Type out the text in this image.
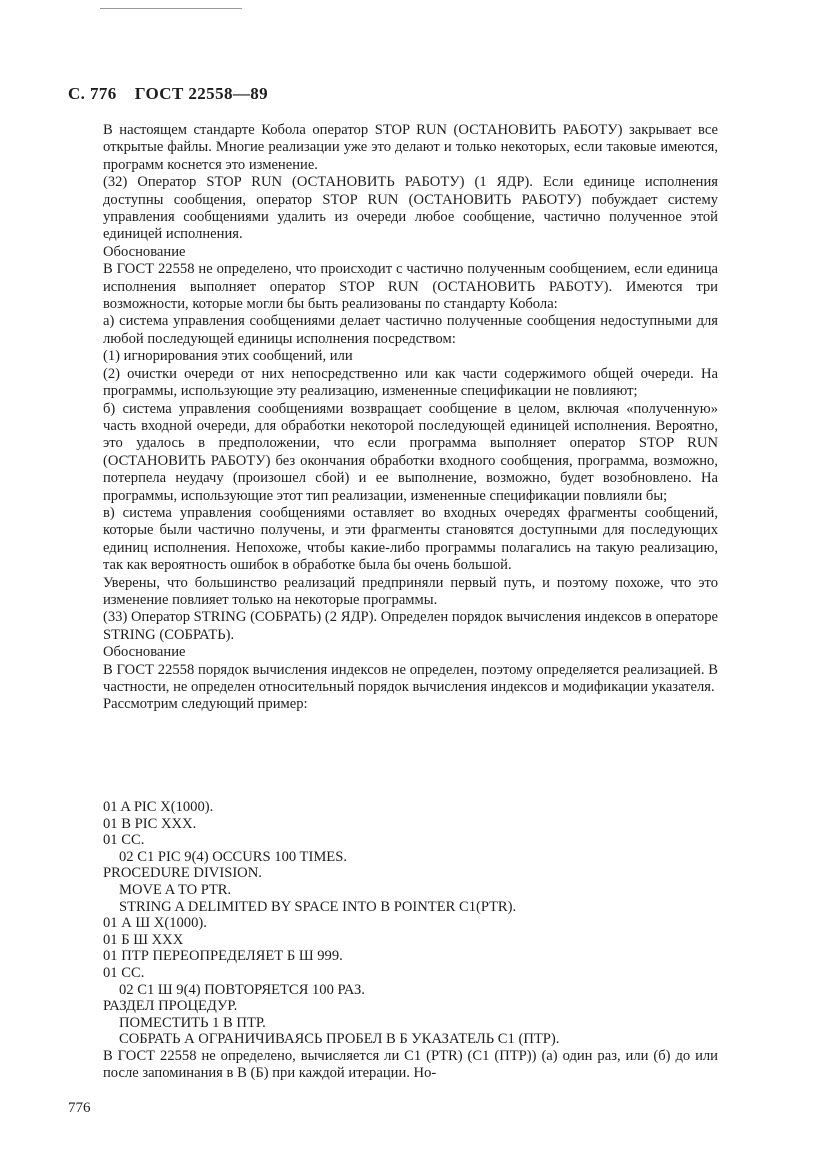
С. 776 ГОСТ 22558—89

В настоящем стандарте Кобола оператор STOP RUN (ОСТАНОВИТЬ РАБОТУ) закрывает все открытые файлы. Многие реализации уже это делают и только некоторых, если таковые имеются, программ коснется это изменение.

(32) Оператор STOP RUN (ОСТАНОВИТЬ РАБОТУ) (1 ЯДР). Если единице исполнения доступны сообщения, оператор STOP RUN (ОСТАНОВИТЬ РАБОТУ) побуждает систему управления сообщениями удалить из очереди любое сообщение, частично полученное этой единицей исполнения.

Обоснование

В ГОСТ 22558 не определено, что происходит с частично полученным сообщением, если единица исполнения выполняет оператор STOP RUN (ОСТАНОВИТЬ РАБОТУ). Имеются три возможности, которые могли бы быть реализованы по стандарту Кобола:

а) система управления сообщениями делает частично полученные сообщения недоступными для любой последующей единицы исполнения посредством:

(1) игнорирования этих сообщений, или

(2) очистки очереди от них непосредственно или как части содержимого общей очереди. На программы, использующие эту реализацию, измененные спецификации не повлияют;

б) система управления сообщениями возвращает сообщение в целом, включая «полученную» часть входной очереди, для обработки некоторой последующей единицей исполнения. Вероятно, это удалось в предположении, что если программа выполняет оператор STOP RUN (ОСТАНОВИТЬ РАБОТУ) без окончания обработки входного сообщения, программа, возможно, потерпела неудачу (произошел сбой) и ее выполнение, возможно, будет возобновлено. На программы, использующие этот тип реализации, измененные спецификации повлияли бы;

в) система управления сообщениями оставляет во входных очередях фрагменты сообщений, которые были частично получены, и эти фрагменты становятся доступными для последующих единиц исполнения. Непохоже, чтобы какие-либо программы полагались на такую реализацию, так как вероятность ошибок в обработке была бы очень большой.

Уверены, что большинство реализаций предприняли первый путь, и поэтому похоже, что это изменение повлияет только на некоторые программы.

(33) Оператор STRING (СОБРАТЬ) (2 ЯДР). Определен порядок вычисления индексов в операторе STRING (СОБРАТЬ).

Обоснование

В ГОСТ 22558 порядок вычисления индексов не определен, поэтому определяется реализацией. В частности, не определен относительный порядок вычисления индексов и модификации указателя.

Рассмотрим следующий пример:

01 A PIC X(1000).
01 B PIC XXX.
01 CC.
02 C1 PIC 9(4) OCCURS 100 TIMES.
PROCEDURE DIVISION.
MOVE A TO PTR.
STRING A DELIMITED BY SPACE INTO B POINTER C1(PTR).
01 А Ш Х(1000).
01 Б Ш ХХХ
01 ПТР ПЕРЕОПРЕДЕЛЯЕТ Б Ш 999.
01 СС.
02 С1 Ш 9(4) ПОВТОРЯЕТСЯ 100 РАЗ.
РАЗДЕЛ ПРОЦЕДУР.
ПОМЕСТИТЬ 1 В ПТР.
СОБРАТЬ А ОГРАНИЧИВАЯСЬ ПРОБЕЛ В Б УКАЗАТЕЛЬ С1 (ПТР).

В ГОСТ 22558 не определено, вычисляется ли C1 (PTR) (С1 (ПТР)) (а) один раз, или (б) до или после запоминания в В (Б) при каждой итерации. Но-

776
